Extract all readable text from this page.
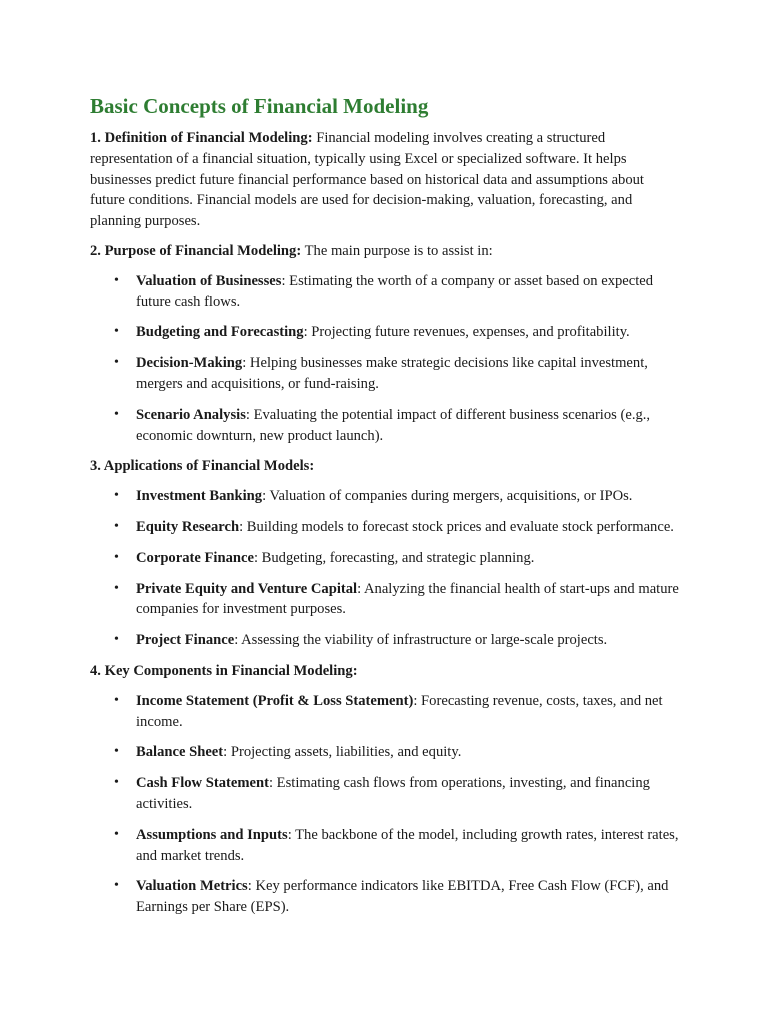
Basic Concepts of Financial Modeling

1. Definition of Financial Modeling: Financial modeling involves creating a structured representation of a financial situation, typically using Excel or specialized software. It helps businesses predict future financial performance based on historical data and assumptions about future conditions. Financial models are used for decision-making, valuation, forecasting, and planning purposes.

2. Purpose of Financial Modeling: The main purpose is to assist in:

• Valuation of Businesses: Estimating the worth of a company or asset based on expected future cash flows.
• Budgeting and Forecasting: Projecting future revenues, expenses, and profitability.
• Decision-Making: Helping businesses make strategic decisions like capital investment, mergers and acquisitions, or fund-raising.
• Scenario Analysis: Evaluating the potential impact of different business scenarios (e.g., economic downturn, new product launch).

3. Applications of Financial Models:

• Investment Banking: Valuation of companies during mergers, acquisitions, or IPOs.
• Equity Research: Building models to forecast stock prices and evaluate stock performance.
• Corporate Finance: Budgeting, forecasting, and strategic planning.
• Private Equity and Venture Capital: Analyzing the financial health of start-ups and mature companies for investment purposes.
• Project Finance: Assessing the viability of infrastructure or large-scale projects.

4. Key Components in Financial Modeling:

• Income Statement (Profit & Loss Statement): Forecasting revenue, costs, taxes, and net income.
• Balance Sheet: Projecting assets, liabilities, and equity.
• Cash Flow Statement: Estimating cash flows from operations, investing, and financing activities.
• Assumptions and Inputs: The backbone of the model, including growth rates, interest rates, and market trends.
• Valuation Metrics: Key performance indicators like EBITDA, Free Cash Flow (FCF), and Earnings per Share (EPS).
